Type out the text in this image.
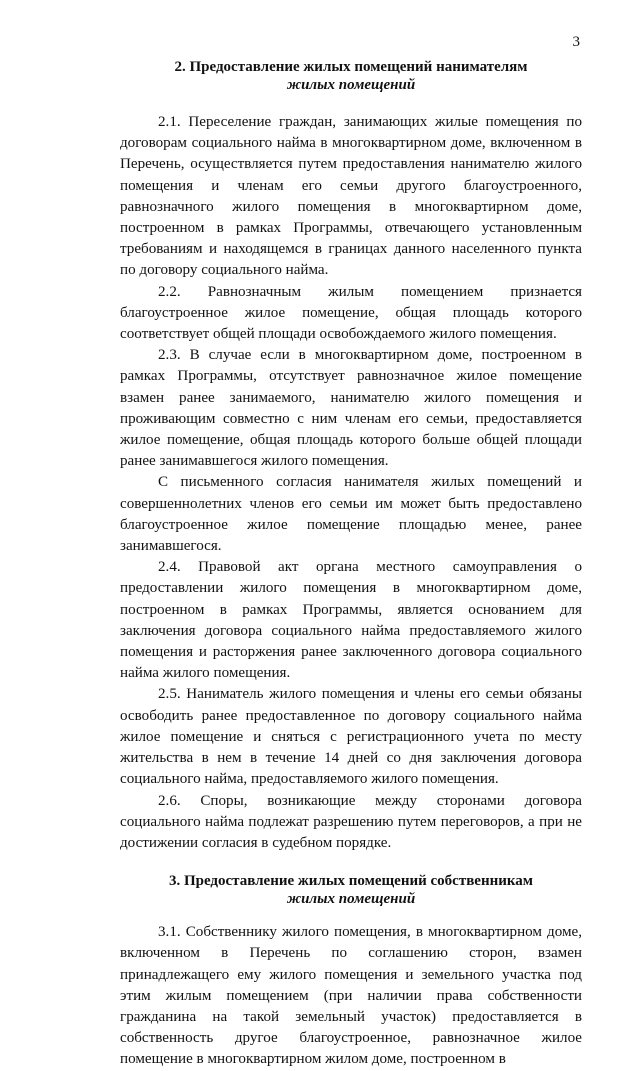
3
2. Предоставление жилых помещений нанимателям
жилых помещений

2.1. Переселение граждан, занимающих жилые помещения по договорам социального найма в многоквартирном доме, включенном в Перечень, осуществляется путем предоставления нанимателю жилого помещения и членам его семьи другого благоустроенного, равнозначного жилого помещения в многоквартирном доме, построенном в рамках Программы, отвечающего установленным требованиям и находящемся в границах данного населенного пункта по договору социального найма.

2.2. Равнозначным жилым помещением признается благоустроенное жилое помещение, общая площадь которого соответствует общей площади освобождаемого жилого помещения.

2.3. В случае если в многоквартирном доме, построенном в рамках Программы, отсутствует равнозначное жилое помещение взамен ранее занимаемого, нанимателю жилого помещения и проживающим совместно с ним членам его семьи, предоставляется жилое помещение, общая площадь которого больше общей площади ранее занимавшегося жилого помещения.

С письменного согласия нанимателя жилых помещений и совершеннолетних членов его семьи им может быть предоставлено благоустроенное жилое помещение площадью менее, ранее занимавшегося.

2.4. Правовой акт органа местного самоуправления о предоставлении жилого помещения в многоквартирном доме, построенном в рамках Программы, является основанием для заключения договора социального найма предоставляемого жилого помещения и расторжения ранее заключенного договора социального найма жилого помещения.

2.5. Наниматель жилого помещения и члены его семьи обязаны освободить ранее предоставленное по договору социального найма жилое помещение и сняться с регистрационного учета по месту жительства в нем в течение 14 дней со дня заключения договора социального найма, предоставляемого жилого помещения.

2.6. Споры, возникающие между сторонами договора социального найма подлежат разрешению путем переговоров, а при не достижении согласия в судебном порядке.

3. Предоставление жилых помещений собственникам
жилых помещений

3.1. Собственнику жилого помещения, в многоквартирном доме, включенном в Перечень по соглашению сторон, взамен принадлежащего ему жилого помещения и земельного участка под этим жилым помещением (при наличии права собственности гражданина на такой земельный участок) предоставляется в собственность другое благоустроенное, равнозначное жилое помещение в многоквартирном жилом доме, построенном в
